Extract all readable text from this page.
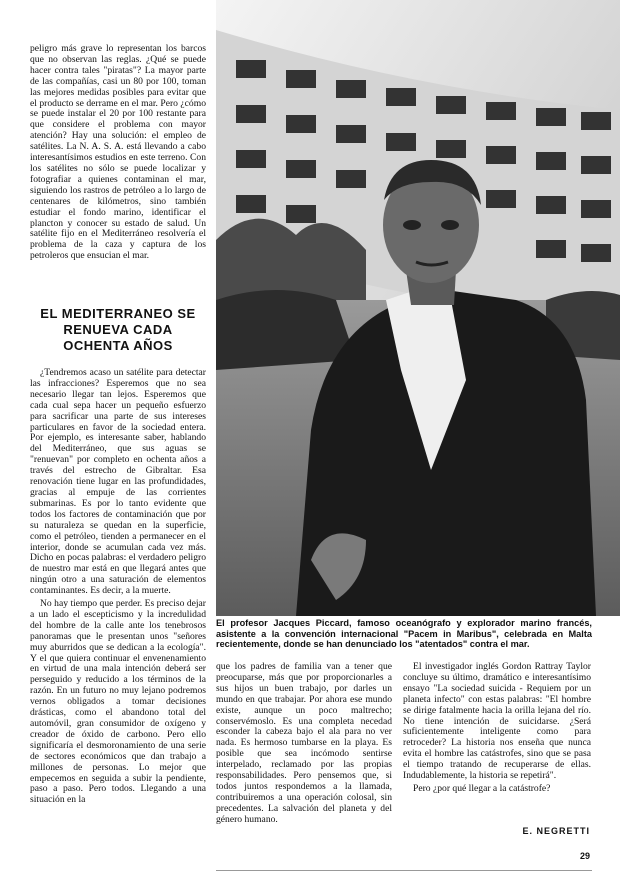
peligro más grave lo representan los barcos que no observan las reglas. ¿Qué se puede hacer contra tales "piratas"? La mayor parte de las compañías, casi un 80 por 100, toman las mejores medidas posibles para evitar que el producto se derrame en el mar. Pero ¿cómo se puede instalar el 20 por 100 restante para que considere el problema con mayor atención? Hay una solución: el empleo de satélites. La N. A. S. A. está llevando a cabo interesantísimos estudios en este terreno. Con los satélites no sólo se puede localizar y fotografiar a quienes contaminan el mar, siguiendo los rastros de petróleo a lo largo de centenares de kilómetros, sino también estudiar el fondo marino, identificar el plancton y conocer su estado de salud. Un satélite fijo en el Mediterráneo resolvería el problema de la caza y captura de los petroleros que ensucian el mar.

EL MEDITERRANEO SE RENUEVA CADA OCHENTA AÑOS

¿Tendremos acaso un satélite para detectar las infracciones? Esperemos que no sea necesario llegar tan lejos. Esperemos que cada cual sepa hacer un pequeño esfuerzo para sacrificar una parte de sus intereses particulares en favor de la sociedad entera. Por ejemplo, es interesante saber, hablando del Mediterráneo, que sus aguas se "renuevan" por completo en ochenta años a través del estrecho de Gibraltar. Esa renovación tiene lugar en las profundidades, gracias al empuje de las corrientes submarinas. Es por lo tanto evidente que todos los factores de contaminación que por su naturaleza se quedan en la superficie, como el petróleo, tienden a permanecer en el interior, donde se acumulan cada vez más. Dicho en pocas palabras: el verdadero peligro de nuestro mar está en que llegará antes que ningún otro a una saturación de elementos contaminantes. Es decir, a la muerte.

No hay tiempo que perder. Es preciso dejar a un lado el escepticismo y la incredulidad del hombre de la calle ante los tenebrosos panoramas que le presentan unos "señores muy aburridos que se dedican a la ecología". Y el que quiera continuar el envenenamiento en virtud de una mala intención deberá ser perseguido y reducido a los términos de la razón. En un futuro no muy lejano podremos vernos obligados a tomar decisiones drásticas, como el abandono total del automóvil, gran consumidor de oxígeno y creador de óxido de carbono. Pero ello significaría el desmoronamiento de una serie de sectores económicos que dan trabajo a millones de personas. Lo mejor que empecemos en seguida a subir la pendiente, paso a paso. Pero todos. Llegando a una situación en la

El profesor Jacques Piccard, famoso oceanógrafo y explorador marino francés, asistente a la convención internacional "Pacem in Maribus", celebrada en Malta recientemente, donde se han denunciado los "atentados" contra el mar.

que los padres de familia van a tener que preocuparse, más que por proporcionarles a sus hijos un buen trabajo, por darles un mundo en que trabajar. Por ahora ese mundo existe, aunque un poco maltrecho; conservémoslo. Es una completa necedad esconder la cabeza bajo el ala para no ver nada. Es hermoso tumbarse en la playa. Es posible que sea incómodo sentirse interpelado, reclamado por las propias responsabilidades. Pero pensemos que, si todos juntos respondemos a la llamada, contribuiremos a una operación colosal, sin precedentes. La salvación del planeta y del género humano.

El investigador inglés Gordon Rattray Taylor concluye su último, dramático e interesantísimo ensayo "La sociedad suicida - Requiem por un planeta infecto" con estas palabras: "El hombre se dirige fatalmente hacia la orilla lejana del río. No tiene intención de suicidarse. ¿Será suficientemente inteligente como para retroceder? La historia nos enseña que nunca evita el hombre las catástrofes, sino que se pasa el tiempo tratando de recuperarse de ellas. Indudablemente, la historia se repetirá".

Pero ¿por qué llegar a la catástrofe?

E. NEGRETTI
29
